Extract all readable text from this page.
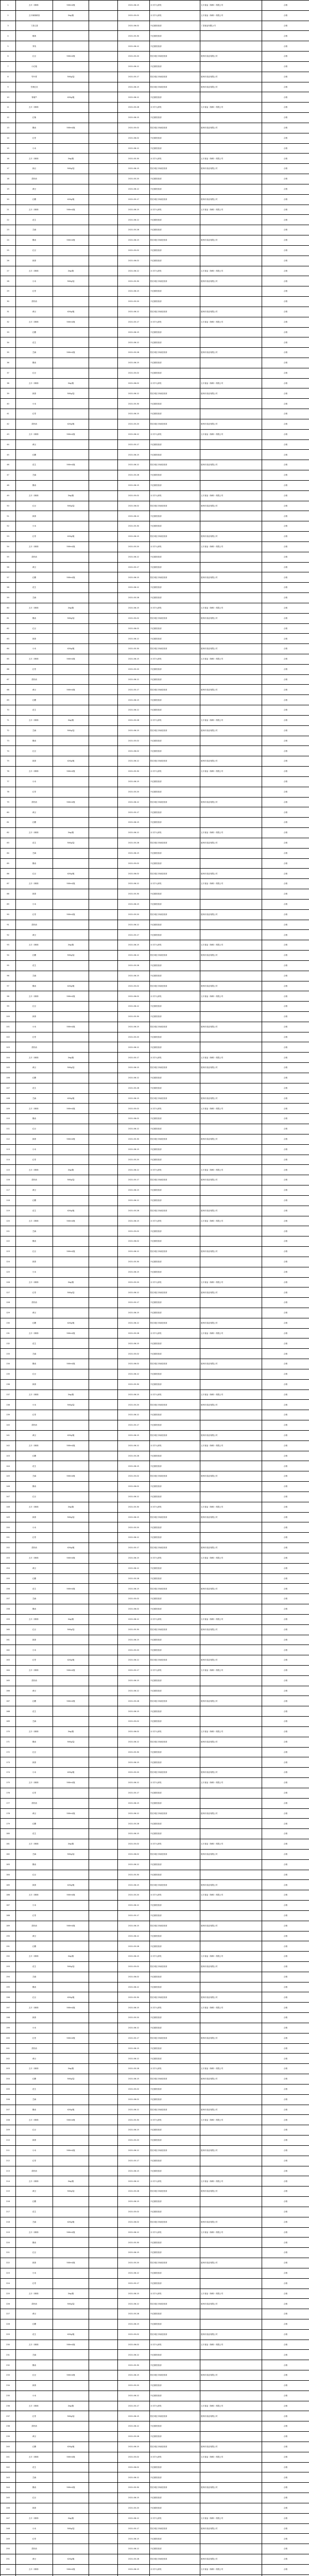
1	五丰（海林）	500ml/瓶		2021-06-15	永丰乡大润发	五丰食品（海林）有限公司	合格
2	五丰海林鲜食	2kg/箱		2021-05-02	永丰乡大润发	五丰食品（海林）有限公司	合格
3	丁香五香			2021-06-02	兴红镇经营部	丁香食品有限公司	合格
4	雅黄			2021-05-30	兴红镇经营部		合格
5	秀英			2021-06-12	兴红镇经营部		合格
6	红豆	500ml/瓶		2021-05-20	阳江城区市场经营部	惠州市食品有限公司	合格
7	小红袍			2021-06-12	兴红镇经营部		合格
8	竹叶青	500g/袋		2021-05-17	阳江城区市场经营部	惠州市食品有限公司	合格
9	甘蔗红皮			2021-06-15	阳江城区市场经营部	惠州市食品有限公司	合格
10	青葫芦	420g/瓶		2021-06-12	兴红镇经营部		合格
11	五丰（海林）			2021-05-28	永丰乡大润发	五丰食品（海林）有限公司	合格
12	红柚			2021-06-15	兴红镇经营部		合格
13	酱油	500ml/瓶		2021-05-02	阳江城区市场经营部	惠州市食品有限公司	合格
14	红枣			2021-06-02	兴红镇经营部		合格
15	小米			2021-06-12	兴红镇经营部		合格
16	五丰（海林）	2kg/箱		2021-05-30	永丰乡大润发	五丰食品（海林）有限公司	合格
17	绿豆	500g/袋		2021-06-15	阳江城区市场经营部	惠州市食品有限公司	合格
18	菜籽油			2021-05-20	兴红镇经营部		合格
19	黄豆			2021-06-12	兴红镇经营部		合格
20	红糖	420g/瓶		2021-05-17	阳江城区市场经营部	惠州市食品有限公司	合格
21	五丰（海林）	500ml/瓶		2021-06-15	永丰乡大润发	五丰食品（海林）有限公司	合格
22	花生			2021-06-12	兴红镇经营部		合格
23	芝麻			2021-05-28	兴红镇经营部		合格
24	酱油	500ml/瓶		2021-06-15	阳江城区市场经营部	惠州市食品有限公司	合格
25	红豆			2021-05-02	兴红镇经营部		合格
26	绿茶			2021-06-02	兴红镇经营部		合格
27	五丰（海林）	2kg/箱		2021-06-12	永丰乡大润发	五丰食品（海林）有限公司	合格
28	小米	500g/袋		2021-05-30	阳江城区市场经营部	惠州市食品有限公司	合格
29	红枣			2021-06-15	兴红镇经营部		合格
30	菜籽油			2021-05-20	兴红镇经营部		合格
31	黄豆	420g/瓶		2021-06-12	阳江城区市场经营部	惠州市食品有限公司	合格
32	五丰（海林）	500ml/瓶		2021-05-17	永丰乡大润发	五丰食品（海林）有限公司	合格
33	红糖			2021-06-15	兴红镇经营部		合格
34	花生			2021-06-12	兴红镇经营部		合格
35	芝麻	500ml/瓶		2021-05-28	阳江城区市场经营部	惠州市食品有限公司	合格
36	酱油			2021-06-15	兴红镇经营部		合格
37	红豆			2021-05-02	兴红镇经营部		合格
38	五丰（海林）	2kg/箱		2021-06-02	永丰乡大润发	五丰食品（海林）有限公司	合格
39	绿茶	500g/袋		2021-06-12	阳江城区市场经营部	惠州市食品有限公司	合格
40	小米			2021-05-30	兴红镇经营部		合格
41	红枣			2021-06-15	兴红镇经营部		合格
42	菜籽油	420g/瓶		2021-05-20	阳江城区市场经营部	惠州市食品有限公司	合格
43	五丰（海林）	500ml/瓶		2021-06-12	永丰乡大润发	五丰食品（海林）有限公司	合格
44	黄豆			2021-05-17	兴红镇经营部		合格
45	红糖			2021-06-15	兴红镇经营部		合格
46	花生	500ml/瓶		2021-06-12	阳江城区市场经营部	惠州市食品有限公司	合格
47	芝麻			2021-05-28	兴红镇经营部		合格
48	酱油			2021-06-15	兴红镇经营部		合格
49	五丰（海林）	2kg/箱		2021-05-02	永丰乡大润发	五丰食品（海林）有限公司	合格
50	红豆	500g/袋		2021-06-02	阳江城区市场经营部	惠州市食品有限公司	合格
51	绿茶			2021-06-12	兴红镇经营部		合格
52	小米			2021-05-30	兴红镇经营部		合格
53	红枣	420g/瓶		2021-06-15	阳江城区市场经营部	惠州市食品有限公司	合格
54	五丰（海林）	500ml/瓶		2021-05-20	永丰乡大润发	五丰食品（海林）有限公司	合格
55	菜籽油			2021-06-12	兴红镇经营部		合格
56	黄豆			2021-05-17	兴红镇经营部		合格
57	红糖	500ml/瓶		2021-06-15	阳江城区市场经营部	惠州市食品有限公司	合格
58	花生			2021-06-12	兴红镇经营部		合格
59	芝麻			2021-05-28	兴红镇经营部		合格
60	五丰（海林）	2kg/箱		2021-06-15	永丰乡大润发	五丰食品（海林）有限公司	合格
61	酱油	500g/袋		2021-05-02	阳江城区市场经营部	惠州市食品有限公司	合格
62	红豆			2021-06-02	兴红镇经营部		合格
63	绿茶			2021-06-12	兴红镇经营部		合格
64	小米	420g/瓶		2021-05-30	阳江城区市场经营部	惠州市食品有限公司	合格
65	五丰（海林）	500ml/瓶		2021-06-15	永丰乡大润发	五丰食品（海林）有限公司	合格
66	红枣			2021-05-20	兴红镇经营部		合格
67	菜籽油			2021-06-12	兴红镇经营部		合格
68	黄豆	500ml/瓶		2021-05-17	阳江城区市场经营部	惠州市食品有限公司	合格
69	红糖			2021-06-15	兴红镇经营部		合格
70	花生			2021-06-12	兴红镇经营部		合格
71	五丰（海林）	2kg/箱		2021-05-28	永丰乡大润发	五丰食品（海林）有限公司	合格
72	芝麻	500g/袋		2021-06-15	阳江城区市场经营部	惠州市食品有限公司	合格
73	酱油			2021-05-02	兴红镇经营部		合格
74	红豆			2021-06-02	兴红镇经营部		合格
75	绿茶	420g/瓶		2021-06-12	阳江城区市场经营部	惠州市食品有限公司	合格
76	五丰（海林）	500ml/瓶		2021-05-30	永丰乡大润发	五丰食品（海林）有限公司	合格
77	小米			2021-06-15	兴红镇经营部		合格
78	红枣			2021-05-20	兴红镇经营部		合格
79	菜籽油	500ml/瓶		2021-06-12	阳江城区市场经营部	惠州市食品有限公司	合格
80	黄豆			2021-05-17	兴红镇经营部		合格
81	红糖			2021-06-15	兴红镇经营部		合格
82	五丰（海林）	2kg/箱		2021-06-12	永丰乡大润发	五丰食品（海林）有限公司	合格
83	花生	500g/袋		2021-05-28	阳江城区市场经营部	惠州市食品有限公司	合格
84	芝麻			2021-06-15	兴红镇经营部		合格
85	酱油			2021-05-02	兴红镇经营部		合格
86	红豆	420g/瓶		2021-06-02	阳江城区市场经营部	惠州市食品有限公司	合格
87	五丰（海林）	500ml/瓶		2021-06-12	永丰乡大润发	五丰食品（海林）有限公司	合格
88	绿茶			2021-05-30	兴红镇经营部		合格
89	小米			2021-06-15	兴红镇经营部		合格
90	红枣	500ml/瓶		2021-05-20	阳江城区市场经营部	惠州市食品有限公司	合格
91	菜籽油			2021-06-12	兴红镇经营部		合格
92	黄豆			2021-05-17	兴红镇经营部		合格
93	五丰（海林）	2kg/箱		2021-06-15	永丰乡大润发	五丰食品（海林）有限公司	合格
94	红糖	500g/袋		2021-06-12	阳江城区市场经营部	惠州市食品有限公司	合格
95	花生			2021-05-28	兴红镇经营部		合格
96	芝麻			2021-06-15	兴红镇经营部		合格
97	酱油	420g/瓶		2021-05-02	阳江城区市场经营部	惠州市食品有限公司	合格
98	五丰（海林）	500ml/瓶		2021-06-02	永丰乡大润发	五丰食品（海林）有限公司	合格
99	红豆			2021-06-12	兴红镇经营部		合格
100	绿茶			2021-05-30	兴红镇经营部		合格
101	小米	500ml/瓶		2021-06-15	阳江城区市场经营部	惠州市食品有限公司	合格
102	红枣			2021-05-20	兴红镇经营部		合格
103	菜籽油			2021-06-12	兴红镇经营部		合格
104	五丰（海林）	2kg/箱		2021-05-17	永丰乡大润发	五丰食品（海林）有限公司	合格
105	黄豆	500g/袋		2021-06-15	阳江城区市场经营部	惠州市食品有限公司	合格
106	红糖			2021-06-12	兴红镇经营部		合格
107	花生			2021-05-28	兴红镇经营部		合格
108	芝麻	420g/瓶		2021-06-15	阳江城区市场经营部	惠州市食品有限公司	合格
109	五丰（海林）	500ml/瓶		2021-05-02	永丰乡大润发	五丰食品（海林）有限公司	合格
110	酱油			2021-06-02	兴红镇经营部		合格
111	红豆			2021-06-12	兴红镇经营部		合格
112	绿茶	500ml/瓶		2021-05-30	阳江城区市场经营部	惠州市食品有限公司	合格
113	小米			2021-06-15	兴红镇经营部		合格
114	红枣			2021-05-20	兴红镇经营部		合格
115	五丰（海林）	2kg/箱		2021-06-12	永丰乡大润发	五丰食品（海林）有限公司	合格
116	菜籽油	500g/袋		2021-05-17	阳江城区市场经营部	惠州市食品有限公司	合格
117	黄豆			2021-06-15	兴红镇经营部		合格
118	红糖			2021-06-12	兴红镇经营部		合格
119	花生	420g/瓶		2021-05-28	阳江城区市场经营部	惠州市食品有限公司	合格
120	五丰（海林）	500ml/瓶		2021-06-15	永丰乡大润发	五丰食品（海林）有限公司	合格
121	芝麻			2021-05-02	兴红镇经营部		合格
122	酱油			2021-06-02	兴红镇经营部		合格
123	红豆	500ml/瓶		2021-06-12	阳江城区市场经营部	惠州市食品有限公司	合格
124	绿茶			2021-05-30	兴红镇经营部		合格
125	小米			2021-06-15	兴红镇经营部		合格
126	五丰（海林）	2kg/箱		2021-05-20	永丰乡大润发	五丰食品（海林）有限公司	合格
127	红枣	500g/袋		2021-06-12	阳江城区市场经营部	惠州市食品有限公司	合格
128	菜籽油			2021-05-17	兴红镇经营部		合格
129	黄豆			2021-06-15	兴红镇经营部		合格
130	红糖	420g/瓶		2021-06-12	阳江城区市场经营部	惠州市食品有限公司	合格
131	五丰（海林）	500ml/瓶		2021-05-28	永丰乡大润发	五丰食品（海林）有限公司	合格
132	花生			2021-06-15	兴红镇经营部		合格
133	芝麻			2021-05-02	兴红镇经营部		合格
134	酱油	500ml/瓶		2021-06-02	阳江城区市场经营部	惠州市食品有限公司	合格
135	红豆			2021-06-12	兴红镇经营部		合格
136	绿茶			2021-05-30	兴红镇经营部		合格
137	五丰（海林）	2kg/箱		2021-06-15	永丰乡大润发	五丰食品（海林）有限公司	合格
138	小米	500g/袋		2021-05-20	阳江城区市场经营部	惠州市食品有限公司	合格
139	红枣			2021-06-12	兴红镇经营部		合格
140	菜籽油			2021-05-17	兴红镇经营部		合格
141	黄豆	420g/瓶		2021-06-15	阳江城区市场经营部	惠州市食品有限公司	合格
142	五丰（海林）	500ml/瓶		2021-06-12	永丰乡大润发	五丰食品（海林）有限公司	合格
143	红糖			2021-05-28	兴红镇经营部		合格
144	花生			2021-06-15	兴红镇经营部		合格
145	芝麻	500ml/瓶		2021-05-02	阳江城区市场经营部	惠州市食品有限公司	合格
146	酱油			2021-06-02	兴红镇经营部		合格
147	红豆			2021-06-12	兴红镇经营部		合格
148	五丰（海林）	2kg/箱		2021-05-30	永丰乡大润发	五丰食品（海林）有限公司	合格
149	绿茶	500g/袋		2021-06-15	阳江城区市场经营部	惠州市食品有限公司	合格
150	小米			2021-05-20	兴红镇经营部		合格
151	红枣			2021-06-12	兴红镇经营部		合格
152	菜籽油	420g/瓶		2021-05-17	阳江城区市场经营部	惠州市食品有限公司	合格
153	五丰（海林）	500ml/瓶		2021-06-15	永丰乡大润发	五丰食品（海林）有限公司	合格
154	黄豆			2021-06-12	兴红镇经营部		合格
155	红糖			2021-05-28	兴红镇经营部		合格
156	花生	500ml/瓶		2021-06-15	阳江城区市场经营部	惠州市食品有限公司	合格
157	芝麻			2021-05-02	兴红镇经营部		合格
158	酱油			2021-06-02	兴红镇经营部		合格
159	五丰（海林）	2kg/箱		2021-06-12	永丰乡大润发	五丰食品（海林）有限公司	合格
160	红豆	500g/袋		2021-05-30	阳江城区市场经营部	惠州市食品有限公司	合格
161	绿茶			2021-06-15	兴红镇经营部		合格
162	小米			2021-05-20	兴红镇经营部		合格
163	红枣	420g/瓶		2021-06-12	阳江城区市场经营部	惠州市食品有限公司	合格
164	五丰（海林）	500ml/瓶		2021-05-17	永丰乡大润发	五丰食品（海林）有限公司	合格
165	菜籽油			2021-06-15	兴红镇经营部		合格
166	黄豆			2021-06-12	兴红镇经营部		合格
167	红糖	500ml/瓶		2021-05-28	阳江城区市场经营部	惠州市食品有限公司	合格
168	花生			2021-06-15	兴红镇经营部		合格
169	芝麻			2021-05-02	兴红镇经营部		合格
170	五丰（海林）	2kg/箱		2021-06-02	永丰乡大润发	五丰食品（海林）有限公司	合格
171	酱油	500g/袋		2021-06-12	阳江城区市场经营部	惠州市食品有限公司	合格
172	红豆			2021-05-30	兴红镇经营部		合格
173	绿茶			2021-06-15	兴红镇经营部		合格
174	小米	420g/瓶		2021-05-20	阳江城区市场经营部	惠州市食品有限公司	合格
175	五丰（海林）	500ml/瓶		2021-06-12	永丰乡大润发	五丰食品（海林）有限公司	合格
176	红枣			2021-05-17	兴红镇经营部		合格
177	菜籽油			2021-06-15	兴红镇经营部		合格
178	黄豆	500ml/瓶		2021-06-12	阳江城区市场经营部	惠州市食品有限公司	合格
179	红糖			2021-05-28	兴红镇经营部		合格
180	花生			2021-06-15	兴红镇经营部		合格
181	五丰（海林）	2kg/箱		2021-05-02	永丰乡大润发	五丰食品（海林）有限公司	合格
182	芝麻	500g/袋		2021-06-02	阳江城区市场经营部	惠州市食品有限公司	合格
183	酱油			2021-06-12	兴红镇经营部		合格
184	红豆			2021-05-30	兴红镇经营部		合格
185	绿茶	420g/瓶		2021-06-15	阳江城区市场经营部	惠州市食品有限公司	合格
186	五丰（海林）	500ml/瓶		2021-05-20	永丰乡大润发	五丰食品（海林）有限公司	合格
187	小米			2021-06-12	兴红镇经营部		合格
188	红枣			2021-05-17	兴红镇经营部		合格
189	菜籽油	500ml/瓶		2021-06-15	阳江城区市场经营部	惠州市食品有限公司	合格
190	黄豆			2021-06-12	兴红镇经营部		合格
191	红糖			2021-05-28	兴红镇经营部		合格
192	五丰（海林）	2kg/箱		2021-06-15	永丰乡大润发	五丰食品（海林）有限公司	合格
193	花生	500g/袋		2021-05-02	阳江城区市场经营部	惠州市食品有限公司	合格
194	芝麻			2021-06-02	兴红镇经营部		合格
195	酱油			2021-06-12	兴红镇经营部		合格
196	红豆	420g/瓶		2021-05-30	阳江城区市场经营部	惠州市食品有限公司	合格
197	五丰（海林）	500ml/瓶		2021-06-15	永丰乡大润发	五丰食品（海林）有限公司	合格
198	绿茶			2021-05-20	兴红镇经营部		合格
199	小米			2021-06-12	兴红镇经营部		合格
200	红枣	500ml/瓶		2021-05-17	阳江城区市场经营部	惠州市食品有限公司	合格
201	菜籽油			2021-06-15	兴红镇经营部		合格
202	黄豆			2021-06-12	兴红镇经营部		合格
203	五丰（海林）	2kg/箱		2021-05-28	永丰乡大润发	五丰食品（海林）有限公司	合格
204	红糖	500g/袋		2021-06-15	阳江城区市场经营部	惠州市食品有限公司	合格
205	花生			2021-05-02	兴红镇经营部		合格
206	芝麻			2021-06-02	兴红镇经营部		合格
207	酱油	420g/瓶		2021-06-12	阳江城区市场经营部	惠州市食品有限公司	合格
208	五丰（海林）	500ml/瓶		2021-05-30	永丰乡大润发	五丰食品（海林）有限公司	合格
209	红豆			2021-06-15	兴红镇经营部		合格
210	绿茶			2021-05-20	兴红镇经营部		合格
211	小米	500ml/瓶		2021-06-12	阳江城区市场经营部	惠州市食品有限公司	合格
212	红枣			2021-05-17	兴红镇经营部		合格
213	菜籽油			2021-06-15	兴红镇经营部		合格
214	五丰（海林）	2kg/箱		2021-06-12	永丰乡大润发	五丰食品（海林）有限公司	合格
215	黄豆	500g/袋		2021-05-28	阳江城区市场经营部	惠州市食品有限公司	合格
216	红糖			2021-06-15	兴红镇经营部		合格
217	花生			2021-05-02	兴红镇经营部		合格
218	芝麻	420g/瓶		2021-06-02	阳江城区市场经营部	惠州市食品有限公司	合格
219	五丰（海林）	500ml/瓶		2021-06-12	永丰乡大润发	五丰食品（海林）有限公司	合格
220	酱油			2021-05-30	兴红镇经营部		合格
221	红豆			2021-06-15	兴红镇经营部		合格
222	绿茶	500ml/瓶		2021-05-20	阳江城区市场经营部	惠州市食品有限公司	合格
223	小米			2021-06-12	兴红镇经营部		合格
224	红枣			2021-05-17	兴红镇经营部		合格
225	五丰（海林）	2kg/箱		2021-06-15	永丰乡大润发	五丰食品（海林）有限公司	合格
226	菜籽油	500g/袋		2021-06-12	阳江城区市场经营部	惠州市食品有限公司	合格
227	黄豆			2021-05-28	兴红镇经营部		合格
228	红糖			2021-06-15	兴红镇经营部		合格
229	花生	420g/瓶		2021-05-02	阳江城区市场经营部	惠州市食品有限公司	合格
230	五丰（海林）	500ml/瓶		2021-06-02	永丰乡大润发	五丰食品（海林）有限公司	合格
231	芝麻			2021-06-12	兴红镇经营部		合格
232	酱油			2021-05-30	兴红镇经营部		合格
233	红豆	500ml/瓶		2021-06-15	阳江城区市场经营部	惠州市食品有限公司	合格
234	绿茶			2021-05-20	兴红镇经营部		合格
235	小米			2021-06-12	兴红镇经营部		合格
236	五丰（海林）	2kg/箱		2021-05-17	永丰乡大润发	五丰食品（海林）有限公司	合格
237	红枣	500g/袋		2021-06-15	阳江城区市场经营部	惠州市食品有限公司	合格
238	菜籽油			2021-06-12	兴红镇经营部		合格
239	黄豆			2021-05-28	兴红镇经营部		合格
240	红糖	420g/瓶		2021-06-15	阳江城区市场经营部	惠州市食品有限公司	合格
241	五丰（海林）	500ml/瓶		2021-05-02	永丰乡大润发	五丰食品（海林）有限公司	合格
242	花生			2021-06-02	兴红镇经营部		合格
243	芝麻			2021-06-12	兴红镇经营部		合格
244	酱油	500ml/瓶		2021-05-30	阳江城区市场经营部	惠州市食品有限公司	合格
245	红豆			2021-06-15	兴红镇经营部		合格
246	绿茶			2021-05-20	兴红镇经营部		合格
247	五丰（海林）	2kg/箱		2021-06-12	永丰乡大润发	五丰食品（海林）有限公司	合格
248	小米	500g/袋		2021-05-17	阳江城区市场经营部	惠州市食品有限公司	合格
249	红枣			2021-06-15	兴红镇经营部		合格
250	菜籽油			2021-06-12	兴红镇经营部		合格
251	黄豆	420g/瓶		2021-05-28	阳江城区市场经营部	惠州市食品有限公司	合格
252	五丰（海林）	500ml/瓶		2021-06-15	永丰乡大润发	五丰食品（海林）有限公司	合格
